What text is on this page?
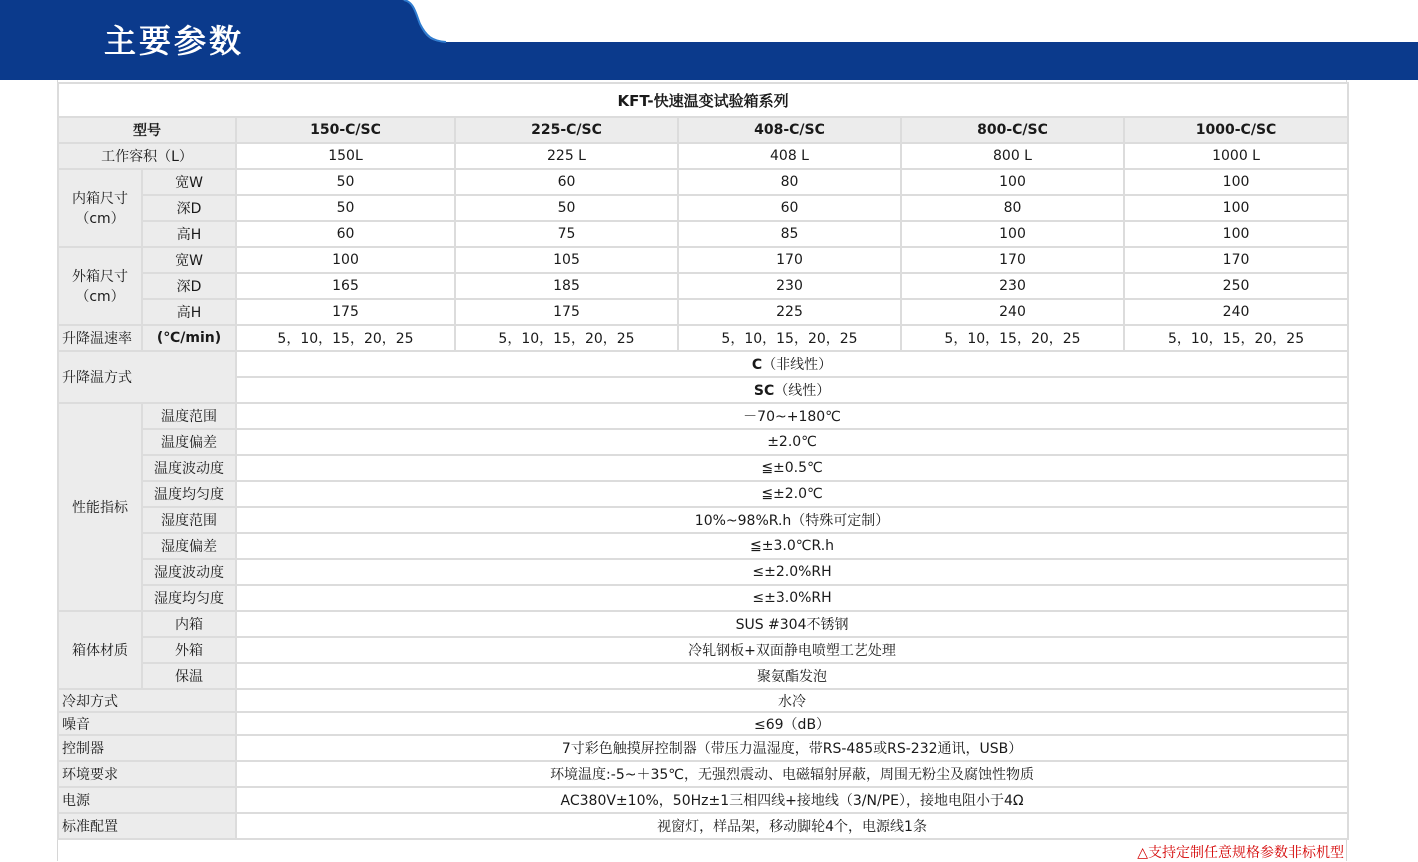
主要参数
KFT-快速温变试验箱系列						
型号		150-C/SC	225-C/SC	408-C/SC	800-C/SC	1000-C/SC
工作容积（L）		150L	225 L	408 L	800 L	1000 L

内箱尺寸
（cm）	宽W	50	60	80	100	100
	深D	50	50	60	80	100
	高H	60	75	85	100	100

外箱尺寸
（cm）	宽W	100	105	170	170	170
	深D	165	185	230	230	250
	高H	175	175	225	240	240
升降温速率	(℃/min)	5，10，15，20，25	5，10，15，20，25	5，10，15，20，25	5，10，15，20，25	5，10，15，20，25
升降温方式		C（非线性）				
		SC（线性）				
性能指标	温度范围	－70~+180℃				
	温度偏差	±2.0℃				
	温度波动度	≦±0.5℃				
	温度均匀度	≦±2.0℃				
	湿度范围	10%~98%R.h（特殊可定制）				
	湿度偏差	≦±3.0℃R.h				
	湿度波动度	≤±2.0%RH				
	湿度均匀度	≤±3.0%RH				
箱体材质	内箱	SUS #304不锈钢				
	外箱	冷轧钢板+双面静电喷塑工艺处理				
	保温	聚氨酯发泡				
冷却方式		水冷				
噪音		≤69（dB）				
控制器		7寸彩色触摸屏控制器（带压力温湿度，带RS-485或RS-232通讯，USB）				
环境要求		环境温度:-5~＋35℃，无强烈震动、电磁辐射屏蔽，周围无粉尘及腐蚀性物质				
电源		AC380V±10%，50Hz±1三相四线+接地线（3/N/PE），接地电阻小于4Ω				
标准配置		视窗灯，样品架，移动脚轮4个，电源线1条				
△支持定制任意规格参数非标机型
